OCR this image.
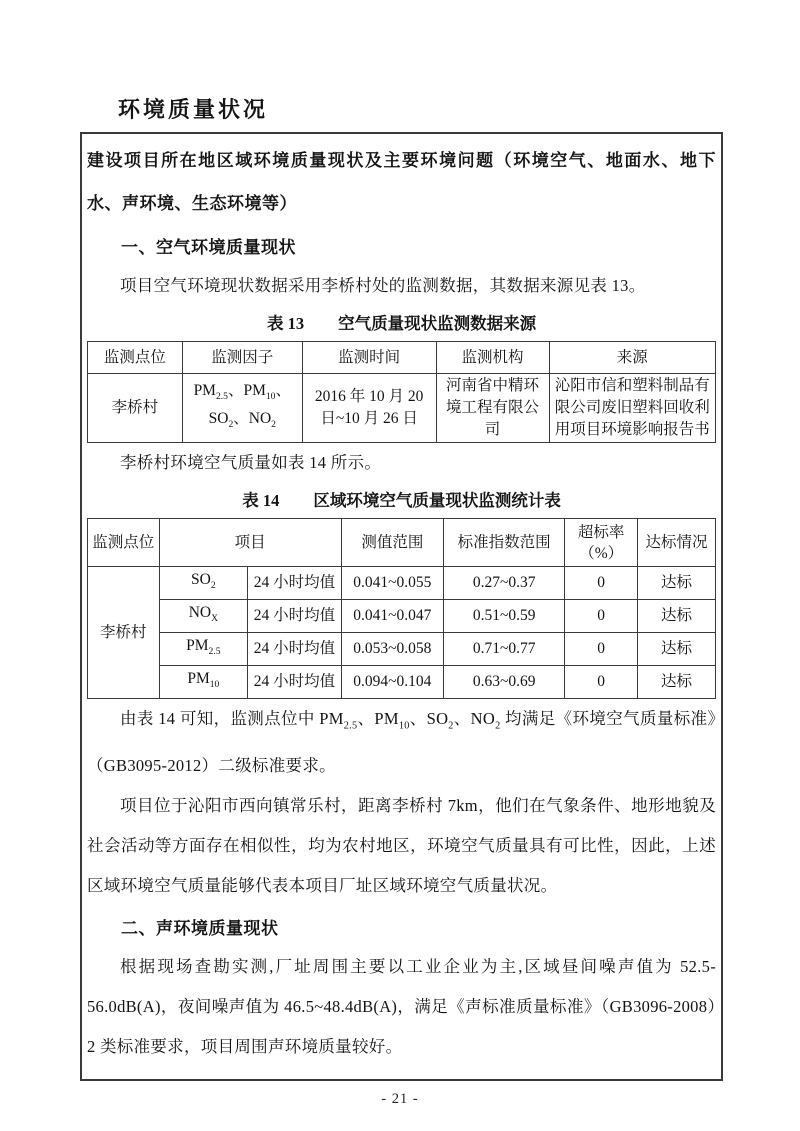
环境质量状况

建设项目所在地区域环境质量现状及主要环境问题（环境空气、地面水、地下水、声环境、生态环境等）

一、空气环境质量现状

项目空气环境现状数据采用李桥村处的监测数据，其数据来源见表 13。

表 13 空气质量现状监测数据来源
监测点位	监测因子	监测时间	监测机构	来源
李桥村	$PM_{2.5}$、$PM_{10}$、$SO_2$、$NO_2$	2016 年 10 月 20 日~10 月 26 日	河南省中精环境工程有限公司	沁阳市信和塑料制品有限公司废旧塑料回收利用项目环境影响报告书

李桥村环境空气质量如表 14 所示。

表 14 区域环境空气质量现状监测统计表
监测点位	项目		测值范围	标准指数范围	超标率（%）	达标情况
李桥村	$SO_2$	24 小时均值	0.041~0.055	0.27~0.37	0	达标
	$NO_X$	24 小时均值	0.041~0.047	0.51~0.59	0	达标
	$PM_{2.5}$	24 小时均值	0.053~0.058	0.71~0.77	0	达标
	$PM_{10}$	24 小时均值	0.094~0.104	0.63~0.69	0	达标

由表 14 可知，监测点位中 $PM_{2.5}$、$PM_{10}$、$SO_2$、$NO_2$ 均满足《环境空气质量标准》（GB3095-2012）二级标准要求。

项目位于沁阳市西向镇常乐村，距离李桥村 7km，他们在气象条件、地形地貌及社会活动等方面存在相似性，均为农村地区，环境空气质量具有可比性，因此，上述区域环境空气质量能够代表本项目厂址区域环境空气质量状况。

二、声环境质量现状

根据现场查勘实测,厂址周围主要以工业企业为主,区域昼间噪声值为 52.5-56.0dB(A)，夜间噪声值为 46.5~48.4dB(A)，满足《声标准质量标准》（GB3096-2008）2 类标准要求，项目周围声环境质量较好。

- 21 -
